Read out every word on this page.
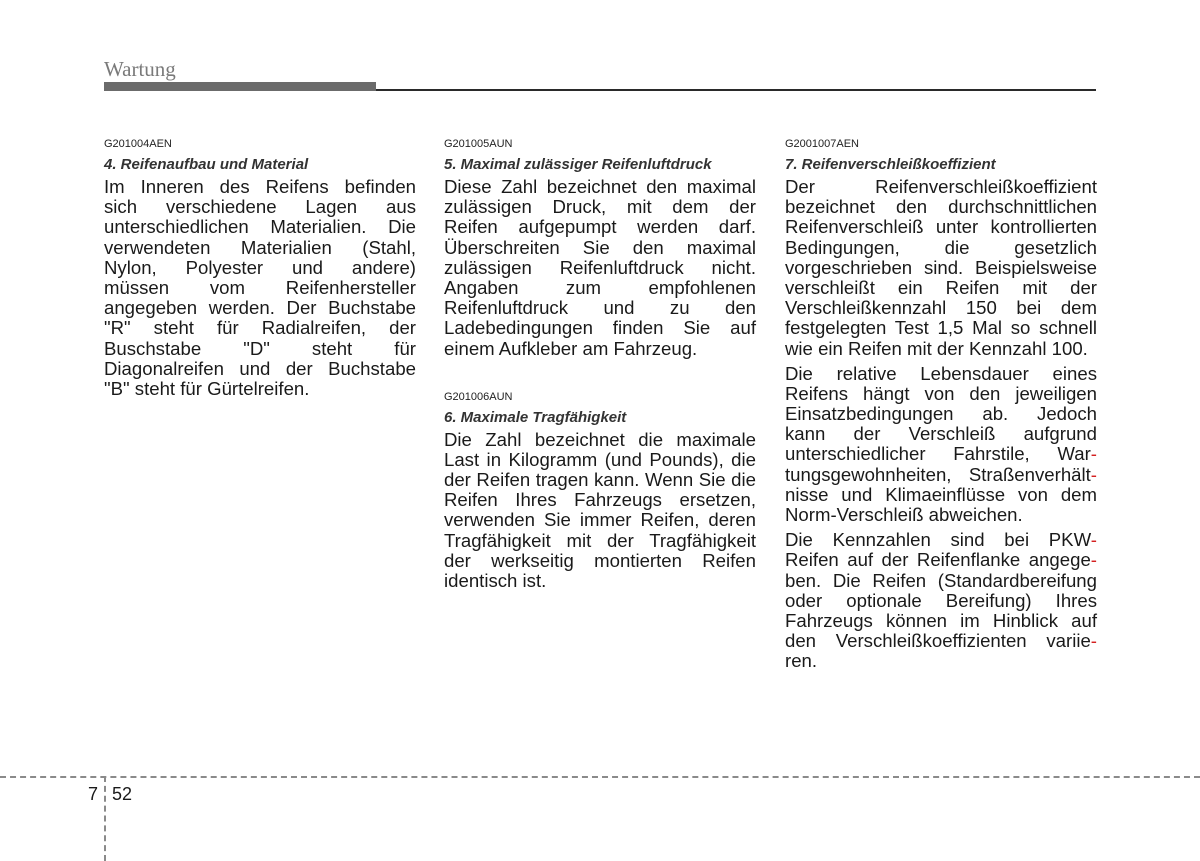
Wartung

G201004AEN

4. Reifenaufbau und Material
Im Inneren des Reifens befinden
sich verschiedene Lagen aus
unterschiedlichen Materialien. Die
verwendeten Materialien (Stahl,
Nylon, Polyester und andere)
müssen vom Reifenhersteller
angegeben werden. Der Buchstabe
"R" steht für Radialreifen, der
Buschstabe "D" steht für
Diagonalreifen und der Buchstabe
"B" steht für Gürtelreifen.

G201005AUN

5. Maximal zulässiger Reifenluftdruck
Diese Zahl bezeichnet den maximal
zulässigen Druck, mit dem der
Reifen aufgepumpt werden darf.
Überschreiten Sie den maximal
zulässigen Reifenluftdruck nicht.
Angaben zum empfohlenen
Reifenluftdruck und zu den
Ladebedingungen finden Sie auf
einem Aufkleber am Fahrzeug.

G201006AUN

6. Maximale Tragfähigkeit
Die Zahl bezeichnet die maximale
Last in Kilogramm (und Pounds), die
der Reifen tragen kann. Wenn Sie die
Reifen Ihres Fahrzeugs ersetzen,
verwenden Sie immer Reifen, deren
Tragfähigkeit mit der Tragfähigkeit
der werkseitig montierten Reifen
identisch ist.

G2001007AEN

7. Reifenverschleißkoeffizient
Der Reifenverschleißkoeffizient
bezeichnet den durchschnittlichen
Reifenverschleiß unter kontrollierten
Bedingungen, die gesetzlich
vorgeschrieben sind. Beispielsweise
verschleißt ein Reifen mit der
Verschleißkennzahl 150 bei dem
festgelegten Test 1,5 Mal so schnell
wie ein Reifen mit der Kennzahl 100.
Die relative Lebensdauer eines
Reifens hängt von den jeweiligen
Einsatzbedingungen ab. Jedoch
kann der Verschleiß aufgrund
unterschiedlicher Fahrstile, War-
tungsgewohnheiten, Straßenverhält-
nisse und Klimaeinflüsse von dem
Norm-Verschleiß abweichen.
Die Kennzahlen sind bei PKW-
Reifen auf der Reifenflanke angege-
ben. Die Reifen (Standardbereifung
oder optionale Bereifung) Ihres
Fahrzeugs können im Hinblick auf
den Verschleißkoeffizienten variie-
ren.
7 52
